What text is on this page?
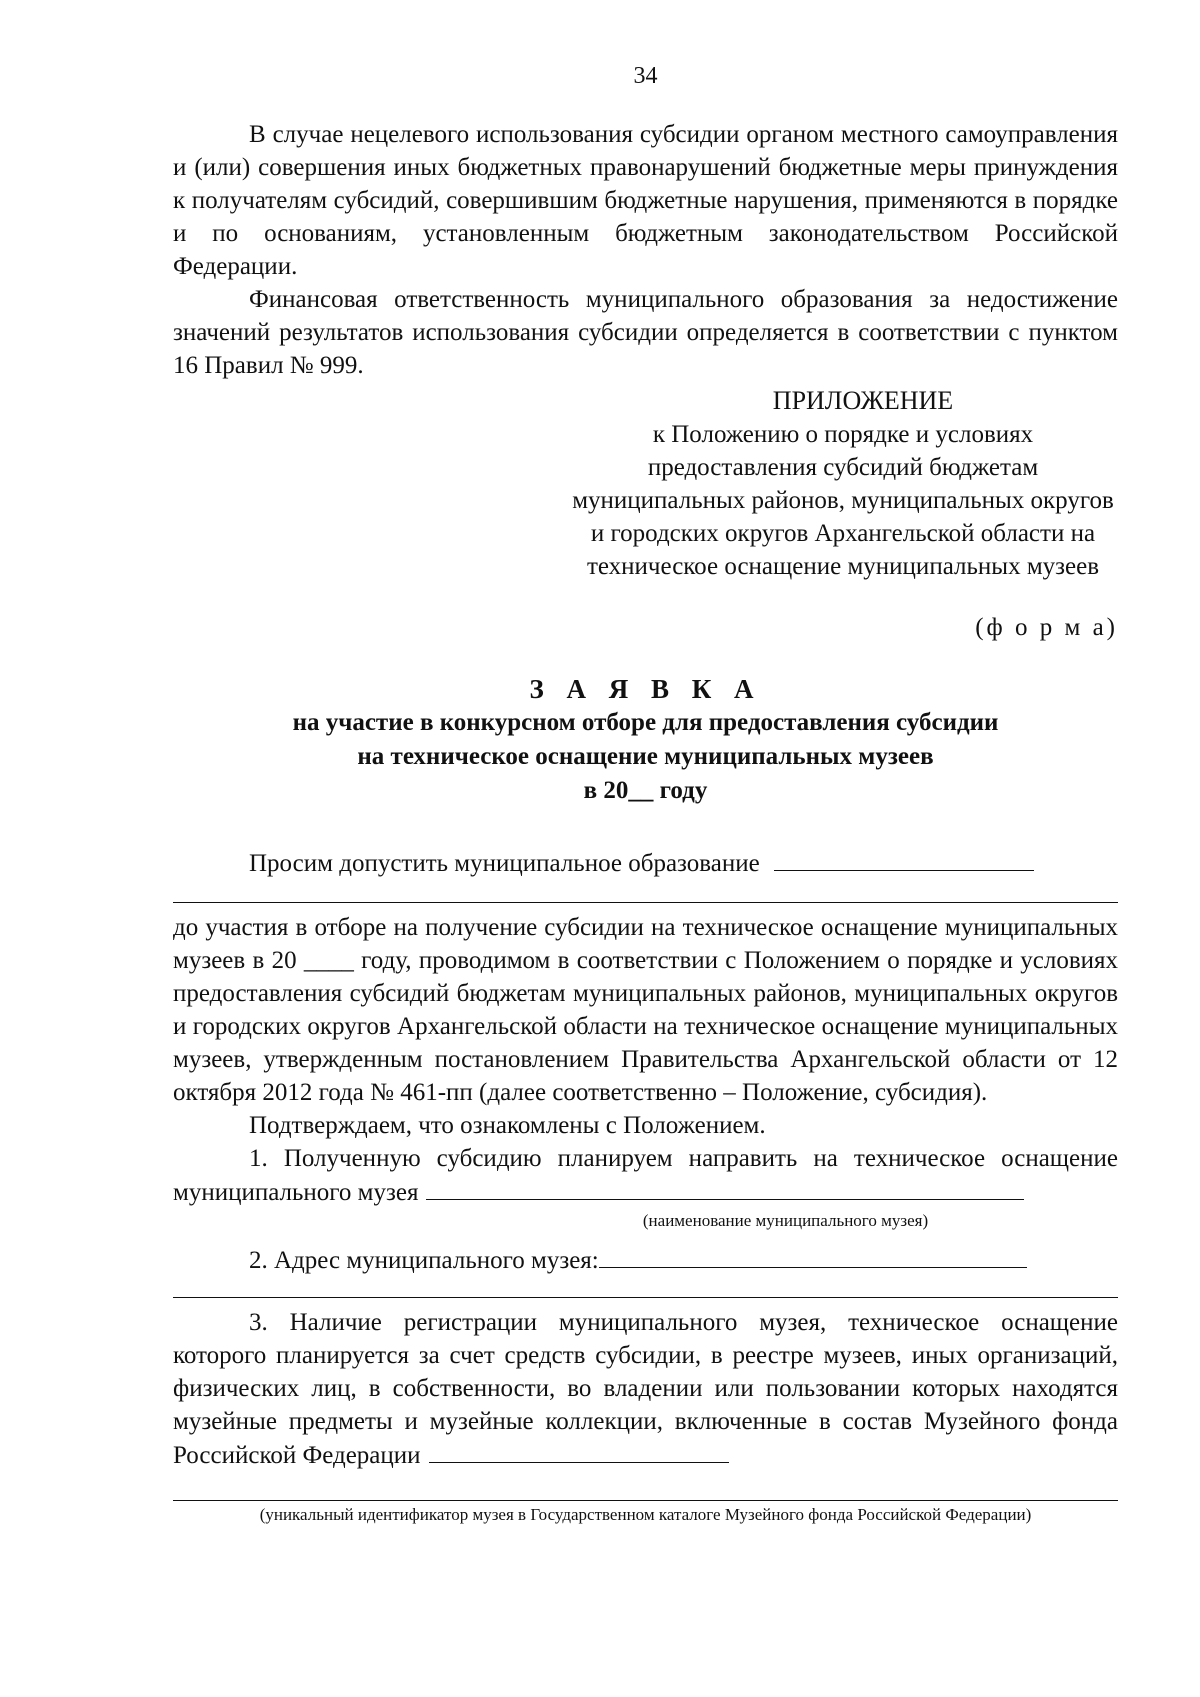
34

В случае нецелевого использования субсидии органом местного самоуправления и (или) совершения иных бюджетных правонарушений бюджетные меры принуждения к получателям субсидий, совершившим бюджетные нарушения, применяются в порядке и по основаниям, установленным бюджетным законодательством Российской Федерации.

Финансовая ответственность муниципального образования за недостижение значений результатов использования субсидии определяется в соответствии с пунктом 16 Правил № 999.

ПРИЛОЖЕНИЕ
к Положению о порядке и условиях предоставления субсидий бюджетам муниципальных районов, муниципальных округов и городских округов Архангельской области на техническое оснащение муниципальных музеев
(ф о р м а)
З А Я В К А
на участие в конкурсном отборе для предоставления субсидии
на техническое оснащение муниципальных музеев
в 20__ году
Просим допустить муниципальное образование

до участия в отборе на получение субсидии на техническое оснащение муниципальных музеев в 20 ____ году, проводимом в соответствии с Положением о порядке и условиях предоставления субсидий бюджетам муниципальных районов, муниципальных округов и городских округов Архангельской области на техническое оснащение муниципальных музеев, утвержденным постановлением Правительства Архангельской области от 12 октября 2012 года № 461-пп (далее соответственно – Положение, субсидия).

Подтверждаем, что ознакомлены с Положением.

1. Полученную субсидию планируем направить на техническое оснащение муниципального музея

(наименование муниципального музея)
2. Адрес муниципального музея:

3. Наличие регистрации муниципального музея, техническое оснащение которого планируется за счет средств субсидии, в реестре музеев, иных организаций, физических лиц, в собственности, во владении или пользовании которых находятся музейные предметы и музейные коллекции, включенные в состав Музейного фонда Российской Федерации

(уникальный идентификатор музея в Государственном каталоге Музейного фонда Российской Федерации)
